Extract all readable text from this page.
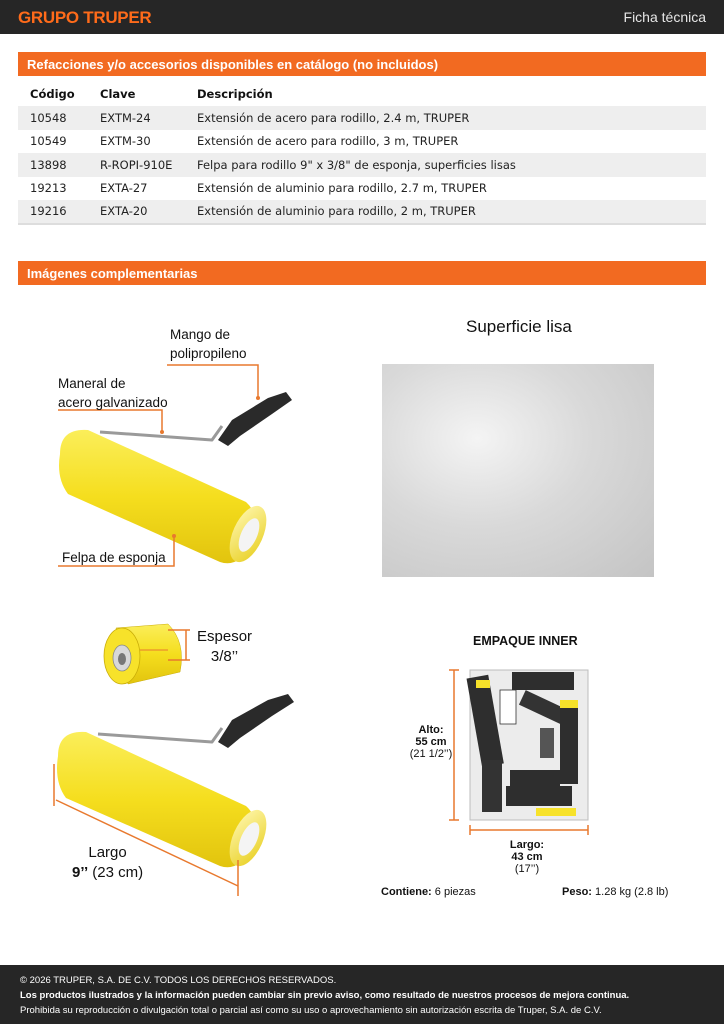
GRUPO TRUPER	Ficha técnica
Refacciones y/o accesorios disponibles en catálogo (no incluidos)
Código	Clave	Descripción
10548	EXTM-24	Extensión de acero para rodillo, 2.4 m, TRUPER
10549	EXTM-30	Extensión de acero para rodillo, 3 m, TRUPER
13898	R-ROPI-910E	Felpa para rodillo 9" x 3/8" de esponja, superficies lisas
19213	EXTA-27	Extensión de aluminio para rodillo, 2.7 m, TRUPER
19216	EXTA-20	Extensión de aluminio para rodillo, 2 m, TRUPER
Imágenes complementarias
Mango de
polipropileno
Maneral de
acero galvanizado
Felpa de esponja
Superficie lisa
Espesor
3/8’’
Largo
9’’ (23 cm)
EMPAQUE INNER
Alto:
55 cm
(21 1/2’’)
Largo:
43 cm
(17’’)
Contiene: 6 piezas	Peso: 1.28 kg (2.8 lb)
© 2026 TRUPER, S.A. DE C.V. TODOS LOS DERECHOS RESERVADOS.
Los productos ilustrados y la información pueden cambiar sin previo aviso, como resultado de nuestros procesos de mejora continua.
Prohibida su reproducción o divulgación total o parcial así como su uso o aprovechamiento sin autorización escrita de Truper, S.A. de C.V.
